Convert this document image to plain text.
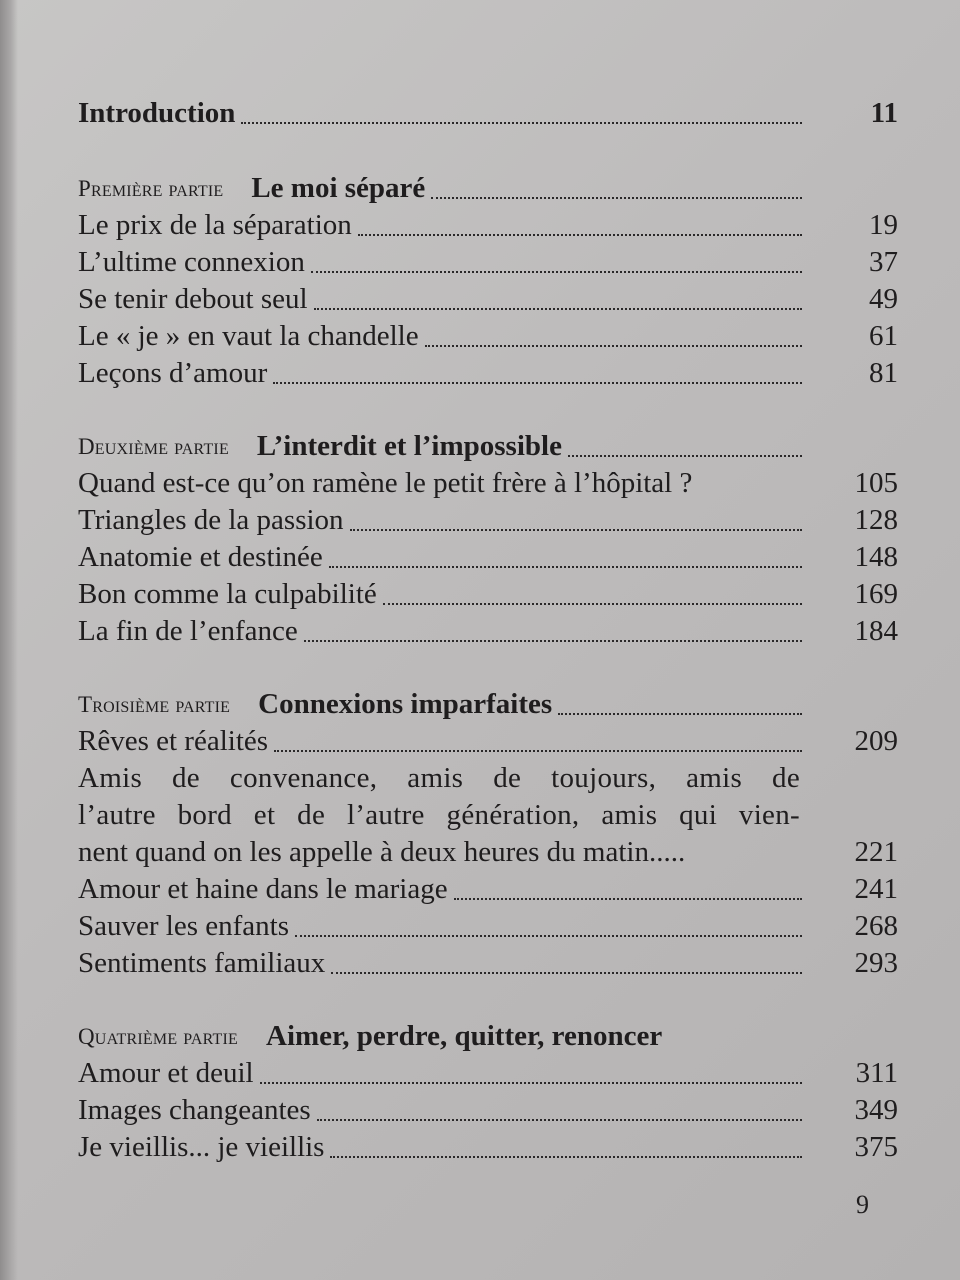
Introduction	11
Première partie Le moi séparé
Le prix de la séparation	19
L’ultime connexion	37
Se tenir debout seul	49
Le « je » en vaut la chandelle	61
Leçons d’amour	81
Deuxième partie L’interdit et l’impossible
Quand est-ce qu’on ramène le petit frère à l’hôpital ?	105
Triangles de la passion	128
Anatomie et destinée	148
Bon comme la culpabilité	169
La fin de l’enfance	184
Troisième partie Connexions imparfaites
Rêves et réalités	209
Amis de convenance, amis de toujours, amis de
l’autre bord et de l’autre génération, amis qui vien-
nent quand on les appelle à deux heures du matin.....	221
Amour et haine dans le mariage	241
Sauver les enfants	268
Sentiments familiaux	293
Quatrième partie Aimer, perdre, quitter, renoncer
Amour et deuil	311
Images changeantes	349
Je vieillis... je vieillis	375
9
